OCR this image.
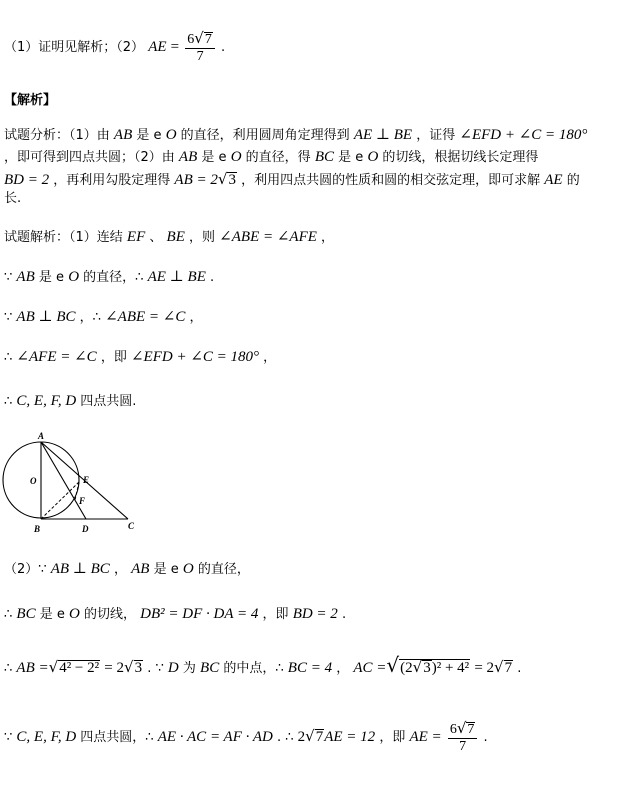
（1）证明见解析；（2） AE = $\frac{6√7}{7}$ .
【解析】
试题分析：（1）由 AB 是 e O 的直径，利用圆周角定理得到 AE ⊥ BE ，证得 ∠EFD + ∠C = 180°
，即可得到四点共圆；（2）由 AB 是 e O 的直径，得 BC 是 e O 的切线，根据切线长定理得
BD = 2 ，再利用勾股定理得 AB = 2√3 ，利用四点共圆的性质和圆的相交弦定理，即可求解 AE 的
长.
试题解析：（1）连结 EF 、 BE ，则 ∠ABE = ∠AFE ，
∵ AB 是 e O 的直径，∴ AE ⊥ BE .
∵ AB ⊥ BC ，∴ ∠ABE = ∠C ，
∴ ∠AFE = ∠C ，即 ∠EFD + ∠C = 180° ，
∴ C, E, F, D 四点共圆.
A
O	E
F
B	D	C
（2）∵ AB ⊥ BC ， AB 是 e O 的直径，
∴ BC 是 e O 的切线， DB² = DF · DA = 4 ，即 BD = 2 .
∴ AB =√4² − 2² = 2√3 . ∵ D 为 BC 的中点，∴ BC = 4 ， AC =√(2√3)² + 4² = 2√7 .
∵ C, E, F, D 四点共圆，∴ AE · AC = AF · AD . ∴ 2√7AE = 12 ，即 AE = $\frac{6√7}{7}$ .
